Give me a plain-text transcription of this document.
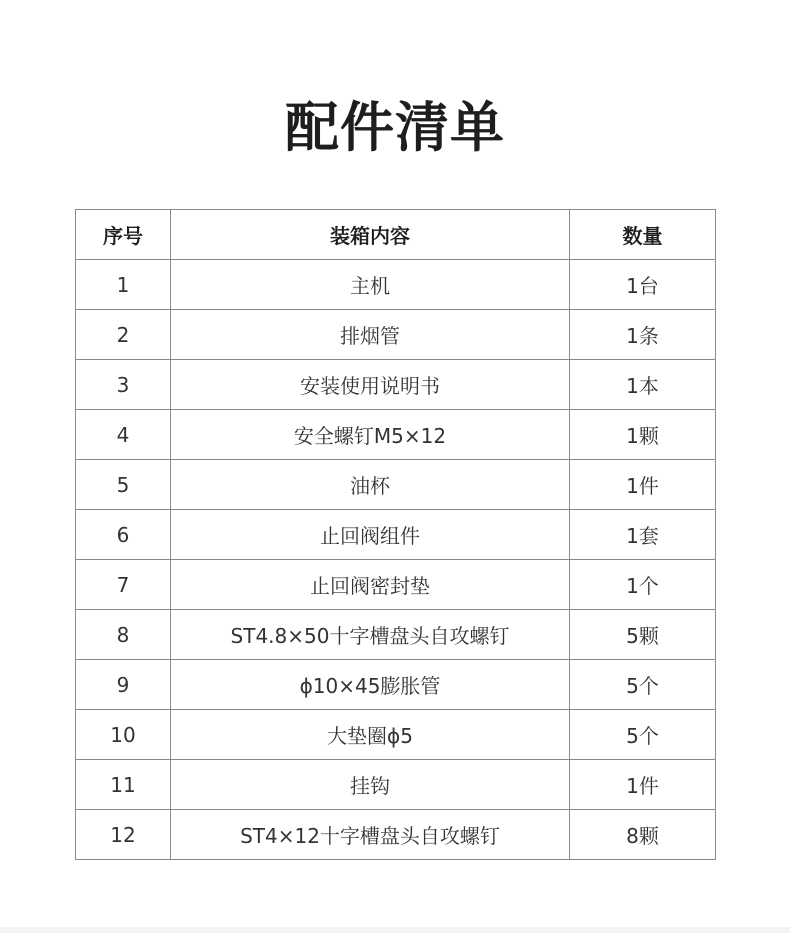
配件清单
序号	装箱内容	数量
1	主机	1台
2	排烟管	1条
3	安装使用说明书	1本
4	安全螺钉M5×12	1颗
5	油杯	1件
6	止回阀组件	1套
7	止回阀密封垫	1个
8	ST4.8×50十字槽盘头自攻螺钉	5颗
9	ϕ10×45膨胀管	5个
10	大垫圈ϕ5	5个
11	挂钩	1件
12	ST4×12十字槽盘头自攻螺钉	8颗
